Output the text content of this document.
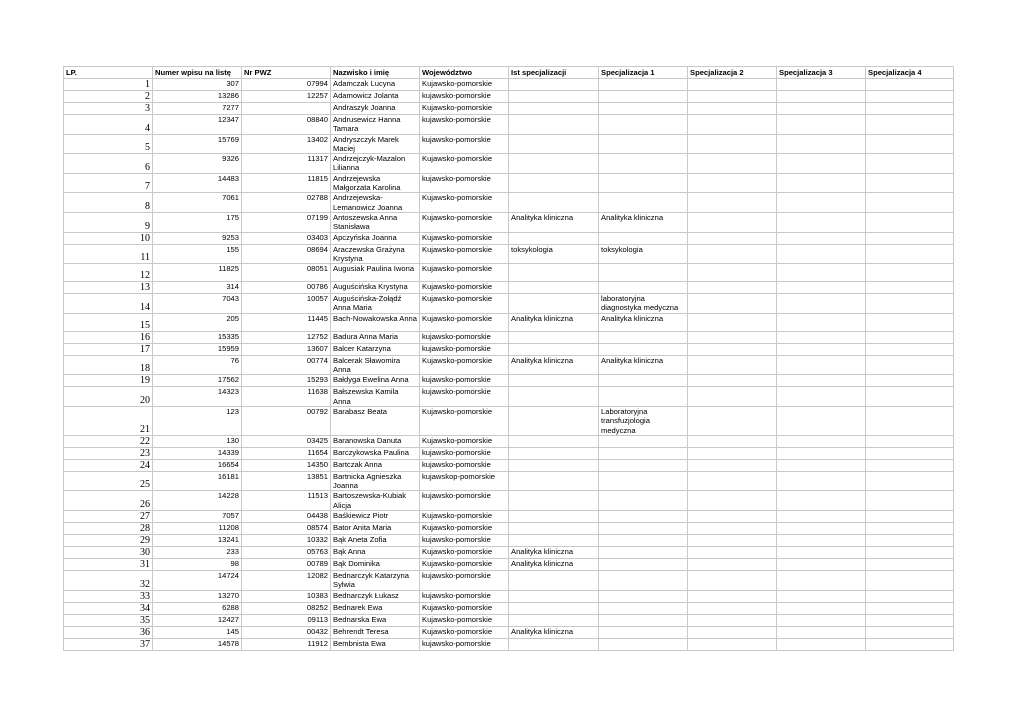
LP.	Numer wpisu na listę	Nr PWZ	Nazwisko i imię	Województwo	Ist specjalizacji	Specjalizacja 1	Specjalizacja 2	Specjalizacja 3	Specjalizacja 4
1	307	07994	Adamczak Lucyna	Kujawsko-pomorskie					
2	13286	12257	Adamowicz Jolanta	kujawsko-pomorskie					
3	7277		Andraszyk Joanna	Kujawsko-pomorskie					
4	12347	08840	Andrusewicz Hanna Tamara	kujawsko-pomorskie					
5	15769	13402	Andryszczyk Marek Maciej	kujawsko-pomorskie					
6	9326	11317	Andrzejczyk-Mazalon Lilianna	Kujawsko-pomorskie					
7	14483	11815	Andrzejewska Małgorzata Karolina	kujawsko-pomorskie					
8	7061	02788	Andrzejewska-Lemanowicz Joanna	Kujawsko-pomorskie					
9	175	07199	Antoszewska Anna Stanisława	Kujawsko-pomorskie	Analityka kliniczna	Analityka kliniczna			
10	9253	03403	Apczyńska Joanna	Kujawsko-pomorskie					
11	155	08694	Araczewska Grażyna Krystyna	Kujawsko-pomorskie	toksykologia	toksykologia			
12	11825	08051	Augusiak Paulina Iwona	Kujawsko-pomorskie					
13	314	00786	Auguścińska Krystyna	Kujawsko-pomorskie					
14	7043	10057	Auguścińska-Żołądź Anna Maria	Kujawsko-pomorskie		laboratoryjna diagnostyka medyczna			
15	205	11445	Bach-Nowakowska Anna	Kujawsko-pomorskie	Analityka kliniczna	Analityka kliniczna			
16	15335	12752	Badura Anna Maria	kujawsko-pomorskie					
17	15959	13607	Balcer Katarzyna	kujawsko-pomorskie					
18	76	00774	Balcerak Sławomira Anna	Kujawsko-pomorskie	Analityka kliniczna	Analityka kliniczna			
19	17562	15293	Bałdyga Ewelina Anna	kujawsko-pomorskie					
20	14323	11638	Bałszewska Kamila Anna	kujawsko-pomorskie					
21	123	00792	Barabasz Beata	Kujawsko-pomorskie		Laboratoryjna transfuzjologia medyczna			
22	130	03425	Baranowska Danuta	Kujawsko-pomorskie					
23	14339	11654	Barczykowska Paulina	kujawsko-pomorskie					
24	16654	14350	Bartczak Anna	kujawsko-pomorskie					
25	16181	13851	Bartnicka Agnieszka Joanna	kujawskop-pomorskie					
26	14228	11513	Bartoszewska-Kubiak Alicja	kujawsko-pomorskie					
27	7057	04438	Baśkiewicz Piotr	Kujawsko-pomorskie					
28	11208	08574	Bator Anita Maria	Kujawsko-pomorskie					
29	13241	10332	Bąk Aneta Zofia	kujawsko-pomorskie					
30	233	05763	Bąk Anna	Kujawsko-pomorskie	Analityka kliniczna				
31	98	00789	Bąk Dominika	Kujawsko-pomorskie	Analityka kliniczna				
32	14724	12082	Bednarczyk Katarzyna Sylwia	kujawsko-pomorskie					
33	13270	10383	Bednarczyk Łukasz	kujawsko-pomorskie					
34	6288	08252	Bednarek Ewa	Kujawsko-pomorskie					
35	12427	09113	Bednarska Ewa	Kujawsko-pomorskie					
36	145	00432	Behrendt Teresa	Kujawsko-pomorskie	Analityka kliniczna				
37	14578	11912	Bembnista Ewa	kujawsko-pomorskie					
